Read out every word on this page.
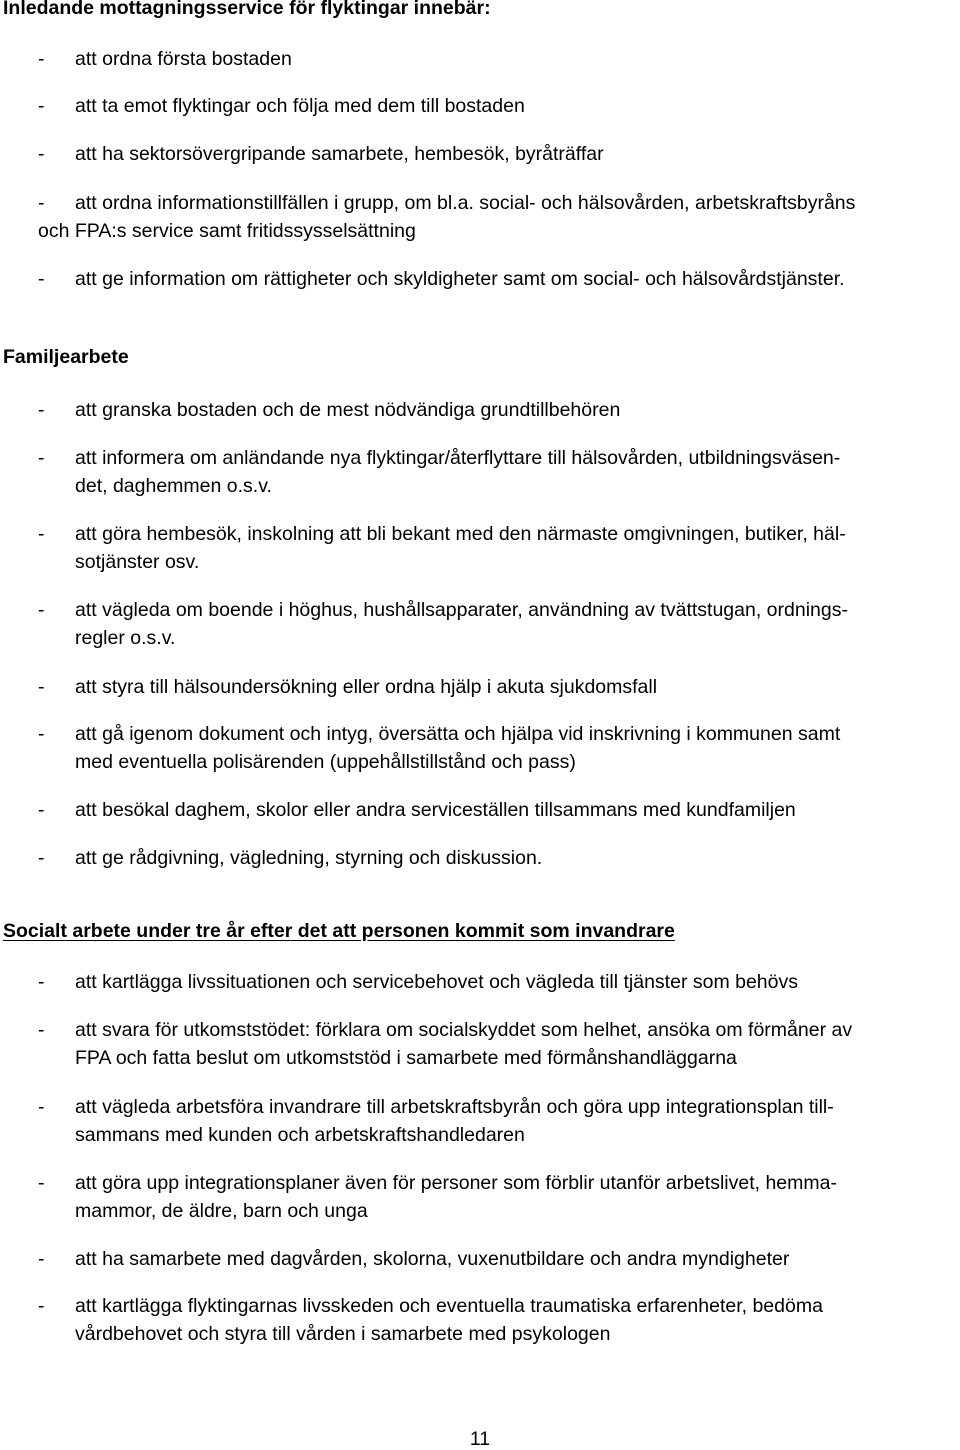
Inledande mottagningsservice för flyktingar innebär:
- att ordna första bostaden
- att ta emot flyktingar och följa med dem till bostaden
- att ha sektorsövergripande samarbete, hembesök, byråträffar
- att ordna informationstillfällen i grupp, om bl.a. social- och hälsovården, arbetskraftsbyråns
och FPA:s service samt fritidssysselsättning
- att ge information om rättigheter och skyldigheter samt om social- och hälsovårdstjänster.
Familjearbete
- att granska bostaden och de mest nödvändiga grundtillbehören
- att informera om anländande nya flyktingar/återflyttare till hälsovården, utbildningsväsen-
det, daghemmen o.s.v.
- att göra hembesök, inskolning att bli bekant med den närmaste omgivningen, butiker, häl-
sotjänster osv.
- att vägleda om boende i höghus, hushållsapparater, användning av tvättstugan, ordnings-
regler o.s.v.
- att styra till hälsoundersökning eller ordna hjälp i akuta sjukdomsfall
- att gå igenom dokument och intyg, översätta och hjälpa vid inskrivning i kommunen samt
med eventuella polisärenden (uppehållstillstånd och pass)
- att besökal daghem, skolor eller andra serviceställen tillsammans med kundfamiljen
- att ge rådgivning, vägledning, styrning och diskussion.
Socialt arbete under tre år efter det att personen kommit som invandrare
- att kartlägga livssituationen och servicebehovet och vägleda till tjänster som behövs
- att svara för utkomststödet: förklara om socialskyddet som helhet, ansöka om förmåner av
FPA och fatta beslut om utkomststöd i samarbete med förmånshandläggarna
- att vägleda arbetsföra invandrare till arbetskraftsbyrån och göra upp integrationsplan till-
sammans med kunden och arbetskraftshandledaren
- att göra upp integrationsplaner även för personer som förblir utanför arbetslivet, hemma-
mammor, de äldre, barn och unga
- att ha samarbete med dagvården, skolorna, vuxenutbildare och andra myndigheter
- att kartlägga flyktingarnas livsskeden och eventuella traumatiska erfarenheter, bedöma
vårdbehovet och styra till vården i samarbete med psykologen
11
